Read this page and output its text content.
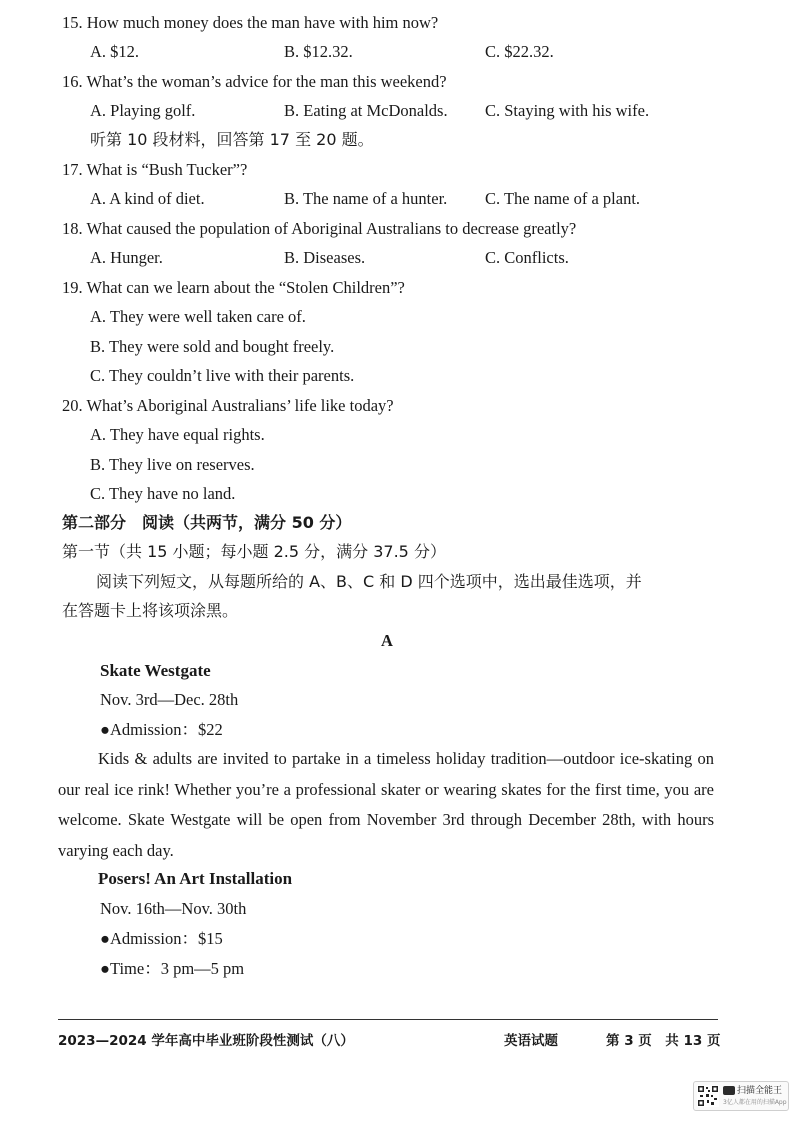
15. How much money does the man have with him now?
A. $12.	B. $12.32.	C. $22.32.
16. What’s the woman’s advice for the man this weekend?
A. Playing golf.	B. Eating at McDonalds. C. Staying with his wife.
听第 10 段材料，回答第 17 至 20 题。
17. What is “Bush Tucker”?
A. A kind of diet.	B. The name of a hunter. C. The name of a plant.
18. What caused the population of Aboriginal Australians to decrease greatly?
A. Hunger.	B. Diseases.	C. Conflicts.
19. What can we learn about the “Stolen Children”?
A. They were well taken care of.
B. They were sold and bought freely.
C. They couldn’t live with their parents.
20. What’s Aboriginal Australians’ life like today?
A. They have equal rights.
B. They live on reserves.
C. They have no land.
第二部分　阅读（共两节，满分 50 分）
第一节（共 15 小题；每小题 2.5 分，满分 37.5 分）
阅读下列短文，从每题所给的 A、B、C 和 D 四个选项中，选出最佳选项，并
在答题卡上将该项涂黑。
A
Skate Westgate
Nov. 3rd—Dec. 28th
●Admission：$22
Kids & adults are invited to partake in a timeless holiday tradition—outdoor ice-skating on our real ice rink! Whether you’re a professional skater or wearing skates for the first time, you are welcome. Skate Westgate will be open from November 3rd through December 28th, with hours varying each day.
Posers! An Art Installation
Nov. 16th—Nov. 30th
●Admission：$15
●Time：3 pm—5 pm
2023—2024 学年高中毕业班阶段性测试（八）	英语试题	第 3 页　共 13 页
扫描全能王
3亿人都在用的扫描App
